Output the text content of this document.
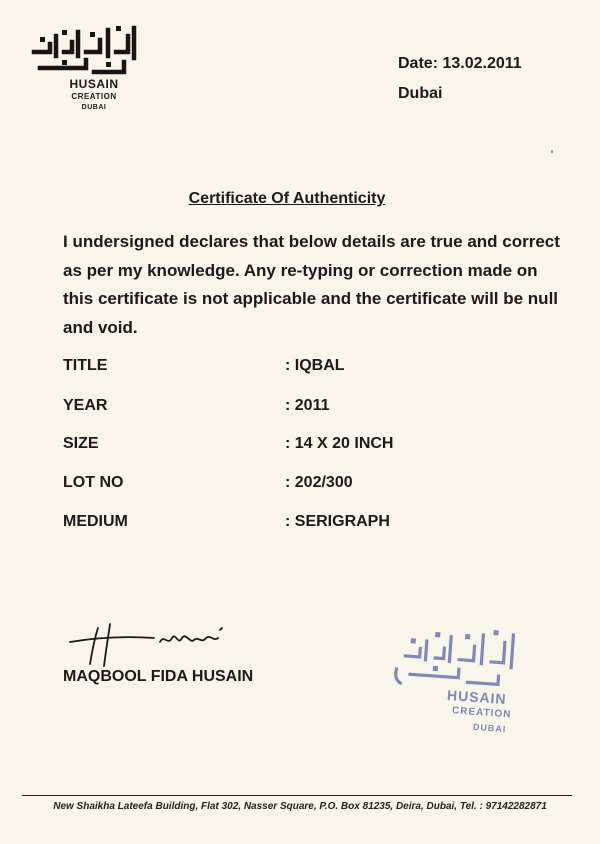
HUSAIN
CREATION
DUBAI
Date: 13.02.2011
Dubai
Certificate Of Authenticity
I undersigned declares that below details are true and correct as per my knowledge. Any re-typing or correction made on this certificate is not applicable and the certificate will be null and void.
TITLE	: IQBAL
YEAR	: 2011
SIZE	: 14 X 20 INCH
LOT NO	: 202/300
MEDIUM	: SERIGRAPH
MAQBOOL FIDA HUSAIN
HUSAIN
CREATION
DUBAI
New Shaikha Lateefa Building, Flat 302, Nasser Square, P.O. Box 81235, Deira, Dubai, Tel. : 97142282871
